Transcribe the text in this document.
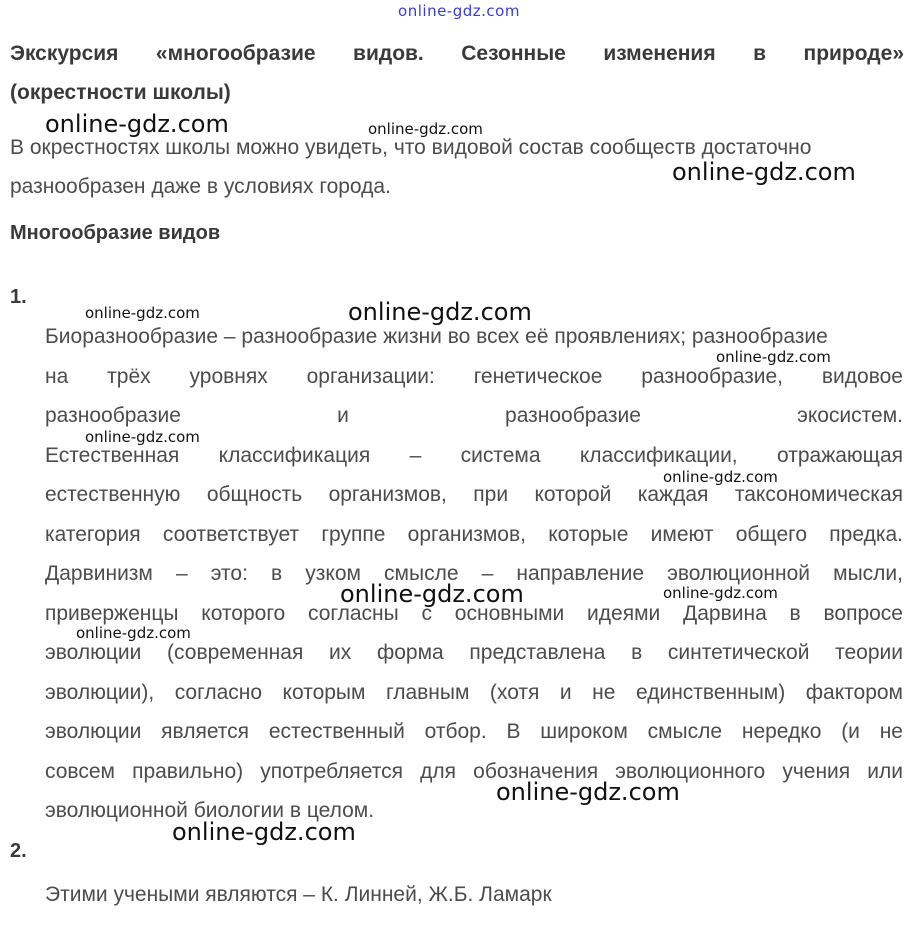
online-gdz.com
Экскурсия «многообразие видов. Сезонные изменения в природе»
(окрестности школы)
В окрестностях школы можно увидеть, что видовой состав сообществ достаточно
разнообразен даже в условиях города.
Многообразие видов
1.
Биоразнообразие – разнообразие жизни во всех её проявлениях; разнообразие
на трёх уровнях организации: генетическое разнообразие, видовое
разнообразие и разнообразие экосистем.
Естественная классификация – система классификации, отражающая
естественную общность организмов, при которой каждая таксономическая
категория соответствует группе организмов, которые имеют общего предка.
Дарвинизм – это: в узком смысле – направление эволюционной мысли,
приверженцы которого согласны с основными идеями Дарвина в вопросе
эволюции (современная их форма представлена в синтетической теории
эволюции), согласно которым главным (хотя и не единственным) фактором
эволюции является естественный отбор. В широком смысле нередко (и не
совсем правильно) употребляется для обозначения эволюционного учения или
эволюционной биологии в целом.
2.
Этими учеными являются – К. Линней, Ж.Б. Ламарк
online-gdz.com	online-gdz.com
online-gdz.com
online-gdz.com	online-gdz.com
online-gdz.com
online-gdz.com
online-gdz.com
online-gdz.com	online-gdz.com
online-gdz.com
online-gdz.com
online-gdz.com
